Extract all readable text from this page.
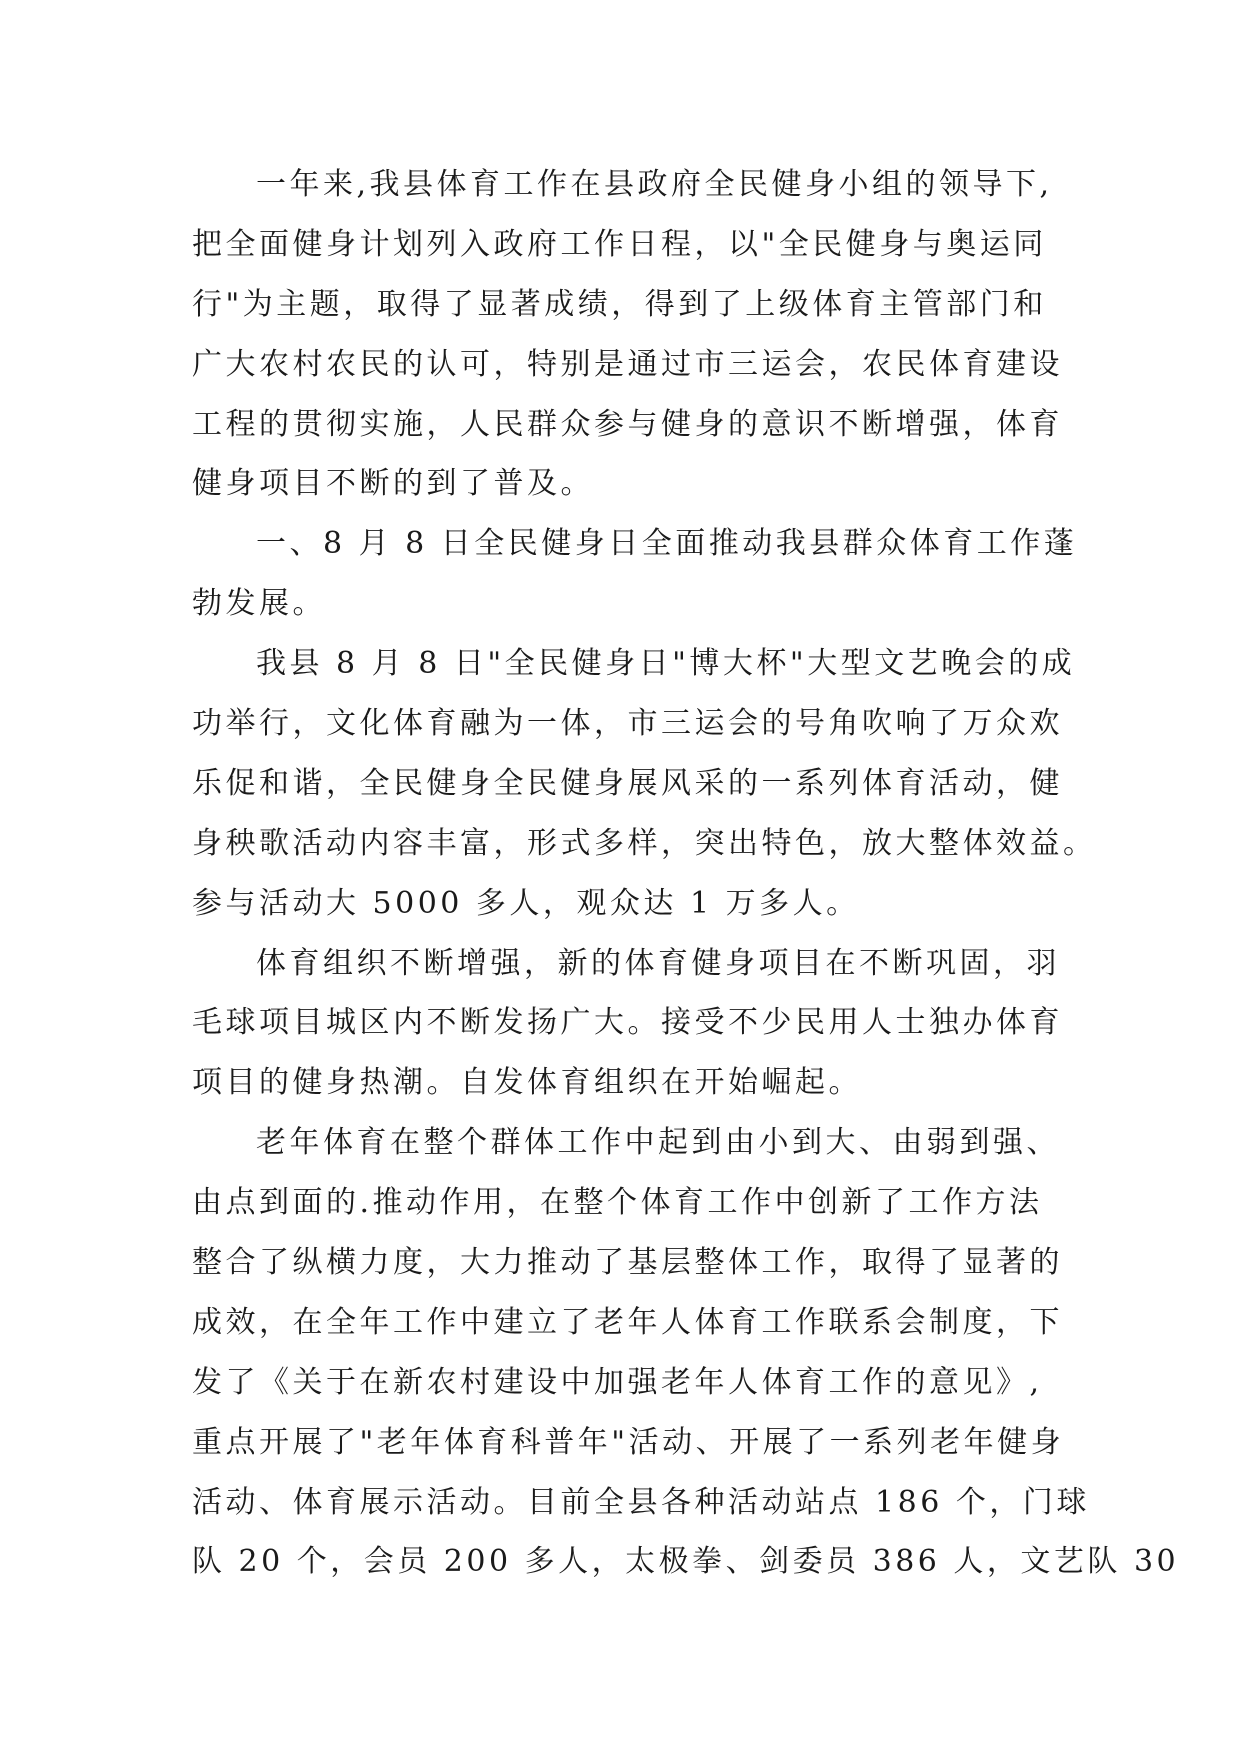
一年来,我县体育工作在县政府全民健身小组的领导下,
把全面健身计划列入政府工作日程，以"全民健身与奥运同
行"为主题，取得了显著成绩，得到了上级体育主管部门和
广大农村农民的认可，特别是通过市三运会，农民体育建设
工程的贯彻实施，人民群众参与健身的意识不断增强，体育
健身项目不断的到了普及。
一、8 月 8 日全民健身日全面推动我县群众体育工作蓬
勃发展。
我县 8 月 8 日"全民健身日"博大杯"大型文艺晚会的成
功举行，文化体育融为一体，市三运会的号角吹响了万众欢
乐促和谐，全民健身全民健身展风采的一系列体育活动，健
身秧歌活动内容丰富，形式多样，突出特色，放大整体效益。
参与活动大 5000 多人，观众达 1 万多人。
体育组织不断增强，新的体育健身项目在不断巩固，羽
毛球项目城区内不断发扬广大。接受不少民用人士独办体育
项目的健身热潮。自发体育组织在开始崛起。
老年体育在整个群体工作中起到由小到大、由弱到强、
由点到面的.推动作用，在整个体育工作中创新了工作方法
整合了纵横力度，大力推动了基层整体工作，取得了显著的
成效，在全年工作中建立了老年人体育工作联系会制度，下
发了《关于在新农村建设中加强老年人体育工作的意见》,
重点开展了"老年体育科普年"活动、开展了一系列老年健身
活动、体育展示活动。目前全县各种活动站点 186 个，门球
队 20 个，会员 200 多人，太极拳、剑委员 386 人，文艺队 30
